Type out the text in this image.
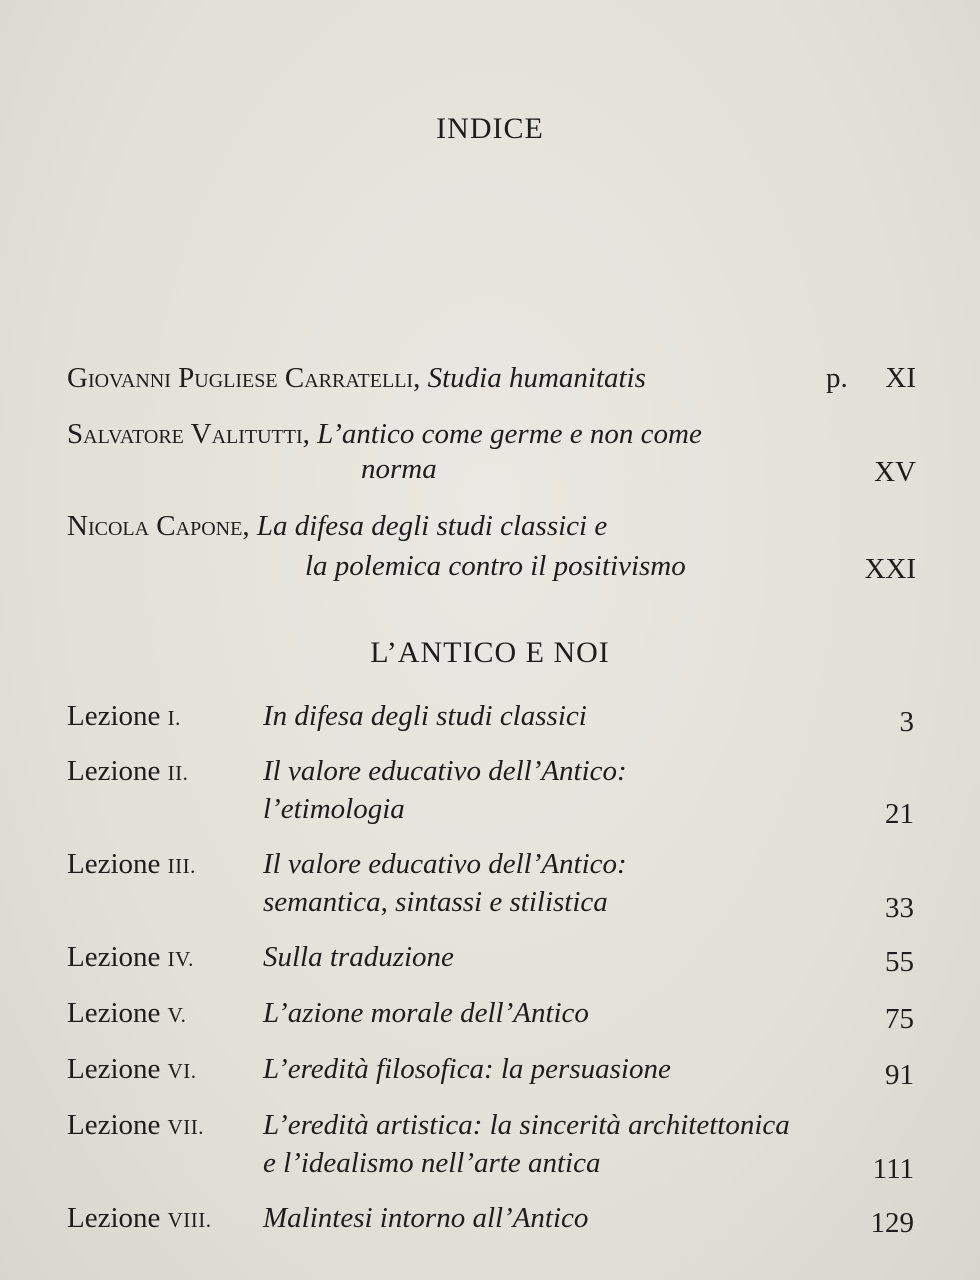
INDICE
Giovanni Pugliese Carratelli, Studia humanitatis	p. XI
Salvatore Valitutti, L’antico come germe e non come
norma	XV
Nicola Capone, La difesa degli studi classici e
la polemica contro il positivismo	XXI
L’ANTICO E NOI
Lezione I.	In difesa degli studi classici	3
Lezione II.	Il valore educativo dell’Antico:
l’etimologia	21
Lezione III. Il valore educativo dell’Antico:
semantica, sintassi e stilistica	33
Lezione IV. Sulla traduzione	55
Lezione V.	L’azione morale dell’Antico	75
Lezione VI. L’eredità filosofica: la persuasione	91
Lezione VII. L’eredità artistica: la sincerità architettonica
e l’idealismo nell’arte antica	111
Lezione VIII. Malintesi intorno all’Antico	129
